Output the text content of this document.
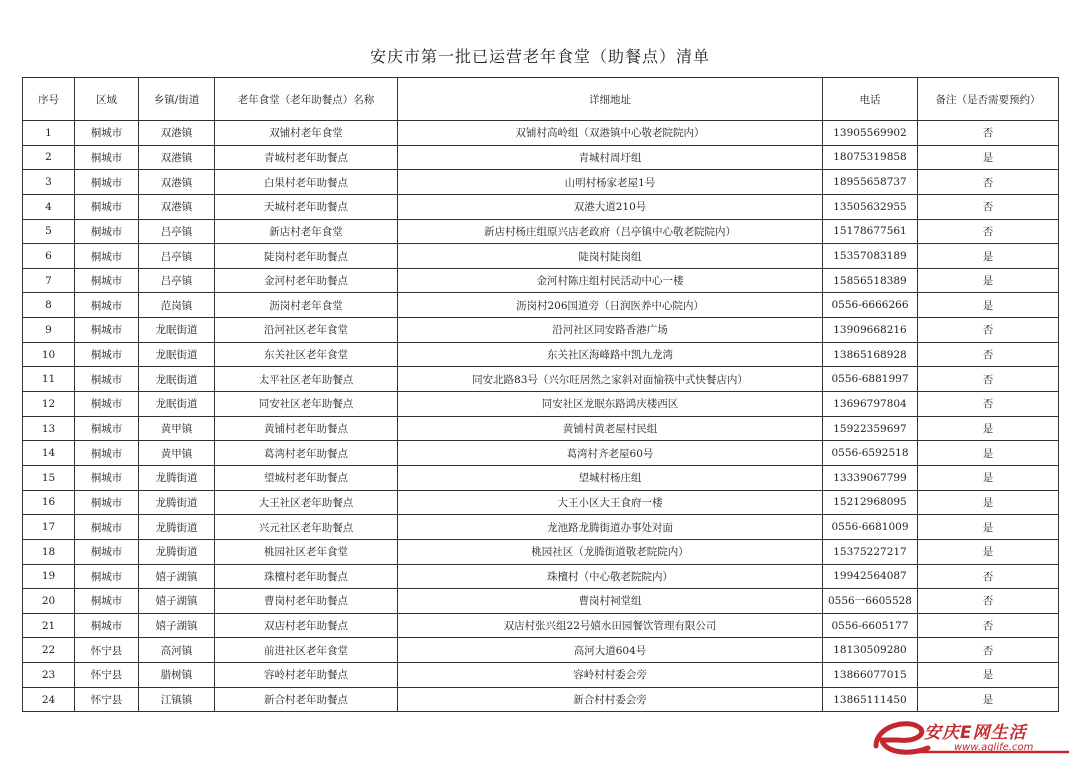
安庆市第一批已运营老年食堂（助餐点）清单
序号	区域	乡镇/街道	老年食堂（老年助餐点）名称	详细地址	电话	备注（是否需要预约）
1	桐城市	双港镇	双铺村老年食堂	双铺村高岭组（双港镇中心敬老院院内）	13905569902	否
2	桐城市	双港镇	青城村老年助餐点	青城村周圩组	18075319858	是
3	桐城市	双港镇	白果村老年助餐点	山明村杨家老屋1号	18955658737	否
4	桐城市	双港镇	天城村老年助餐点	双港大道210号	13505632955	否
5	桐城市	吕亭镇	新店村老年食堂	新店村杨庄组原兴店老政府（吕亭镇中心敬老院院内）	15178677561	否
6	桐城市	吕亭镇	陡岗村老年助餐点	陡岗村陡岗组	15357083189	是
7	桐城市	吕亭镇	金河村老年助餐点	金河村陈庄组村民活动中心一楼	15856518389	是
8	桐城市	范岗镇	沥岗村老年食堂	沥岗村206国道旁（日润医养中心院内）	0556-6666266	是
9	桐城市	龙眠街道	沿河社区老年食堂	沿河社区同安路香港广场	13909668216	否
10	桐城市	龙眠街道	东关社区老年食堂	东关社区海峰路中凯九龙湾	13865168928	否
11	桐城市	龙眠街道	太平社区老年助餐点	同安北路83号（兴尔旺居然之家斜对面愉筷中式快餐店内）	0556-6881997	否
12	桐城市	龙眠街道	同安社区老年助餐点	同安社区龙眠东路鸿庆楼西区	13696797804	否
13	桐城市	黄甲镇	黄铺村老年助餐点	黄铺村黄老屋村民组	15922359697	是
14	桐城市	黄甲镇	葛湾村老年助餐点	葛湾村齐老屋60号	0556-6592518	是
15	桐城市	龙腾街道	望城村老年助餐点	望城村杨庄组	13339067799	是
16	桐城市	龙腾街道	大王社区老年助餐点	大王小区大王食府一楼	15212968095	是
17	桐城市	龙腾街道	兴元社区老年助餐点	龙池路龙腾街道办事处对面	0556-6681009	是
18	桐城市	龙腾街道	桃园社区老年食堂	桃园社区（龙腾街道敬老院院内）	15375227217	是
19	桐城市	嬉子湖镇	珠檀村老年助餐点	珠檀村（中心敬老院院内）	19942564087	否
20	桐城市	嬉子湖镇	曹岗村老年助餐点	曹岗村祠堂组	0556一6605528	否
21	桐城市	嬉子湖镇	双店村老年助餐点	双店村张兴组22号嬉水田园餐饮管理有限公司	0556-6605177	否
22	怀宁县	高河镇	前进社区老年食堂	高河大道604号	18130509280	否
23	怀宁县	腊树镇	容岭村老年助餐点	容岭村村委会旁	13866077015	是
24	怀宁县	江镇镇	新合村老年助餐点	新合村村委会旁	13865111450	是
安庆E网生活
www.aqlife.com
